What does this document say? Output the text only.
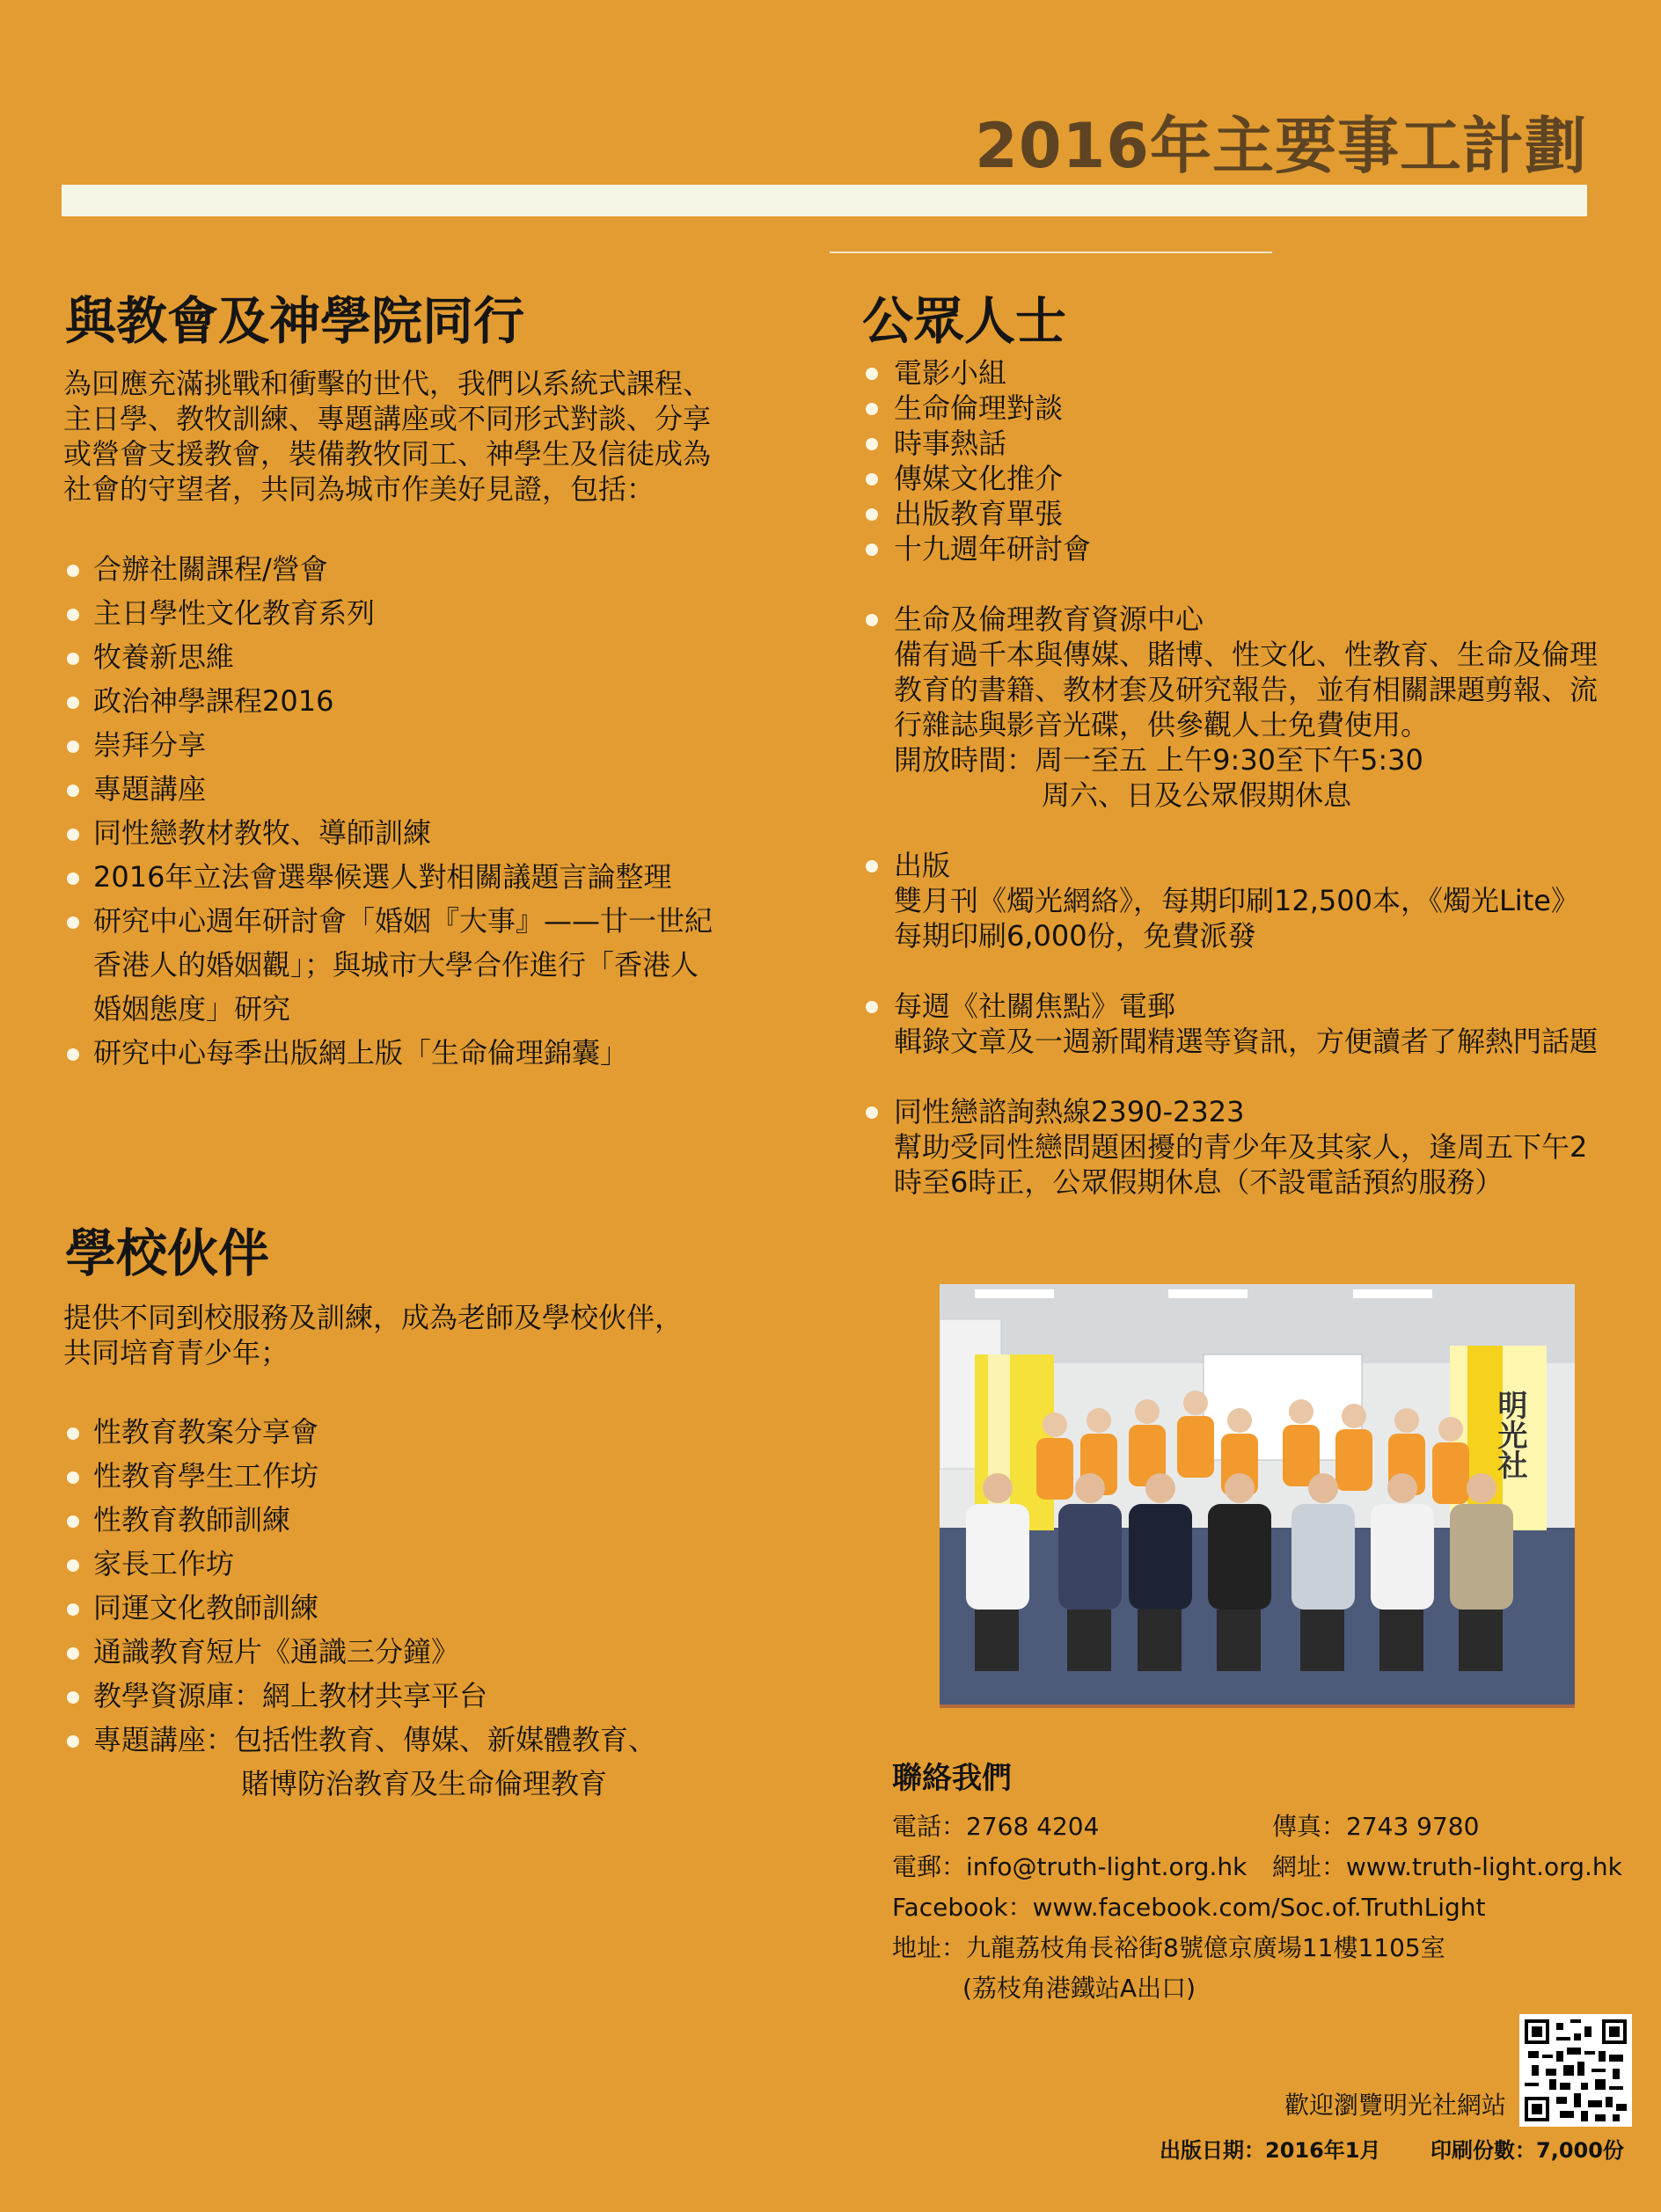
2016年主要事工計劃
與教會及神學院同行
為回應充滿挑戰和衝擊的世代，我們以系統式課程、
主日學、教牧訓練、專題講座或不同形式對談、分享
或營會支援教會，裝備教牧同工、神學生及信徒成為
社會的守望者，共同為城市作美好見證，包括：
合辦社關課程/營會
主日學性文化教育系列
牧養新思維
政治神學課程2016
崇拜分享
專題講座
同性戀教材教牧、導師訓練
2016年立法會選舉候選人對相關議題言論整理
研究中心週年研討會「婚姻『大事』——廿一世紀
香港人的婚姻觀」；與城市大學合作進行「香港人
婚姻態度」研究
研究中心每季出版網上版「生命倫理錦囊」
學校伙伴
提供不同到校服務及訓練，成為老師及學校伙伴，
共同培育青少年；
性教育教案分享會
性教育學生工作坊
性教育教師訓練
家長工作坊
同運文化教師訓練
通識教育短片《通識三分鐘》
教學資源庫：網上教材共享平台
專題講座：包括性教育、傳媒、新媒體教育、
賭博防治教育及生命倫理教育
公眾人士
電影小組
生命倫理對談
時事熱話
傳媒文化推介
出版教育單張
十九週年研討會
生命及倫理教育資源中心
備有過千本與傳媒、賭博、性文化、性教育、生命及倫理
教育的書籍、教材套及研究報告，並有相關課題剪報、流
行雜誌與影音光碟，供參觀人士免費使用。
開放時間：周一至五 上午9:30至下午5:30
周六、日及公眾假期休息
出版
雙月刊《燭光網絡》，每期印刷12,500本，《燭光Lite》
每期印刷6,000份，免費派發
每週《社關焦點》電郵
輯錄文章及一週新聞精選等資訊，方便讀者了解熱門話題
同性戀諮詢熱線2390-2323
幫助受同性戀問題困擾的青少年及其家人，逢周五下午2
時至6時正，公眾假期休息（不設電話預約服務）
明光社
聯絡我們
電話：2768 4204	傳真：2743 9780
電郵：info@truth-light.org.hk 網址：www.truth-light.org.hk
Facebook：www.facebook.com/Soc.of.TruthLight
地址：九龍荔枝角長裕街8號億京廣場11樓1105室
(荔枝角港鐵站A出口)
歡迎瀏覽明光社網站
出版日期：2016年1月 印刷份數：7,000份
